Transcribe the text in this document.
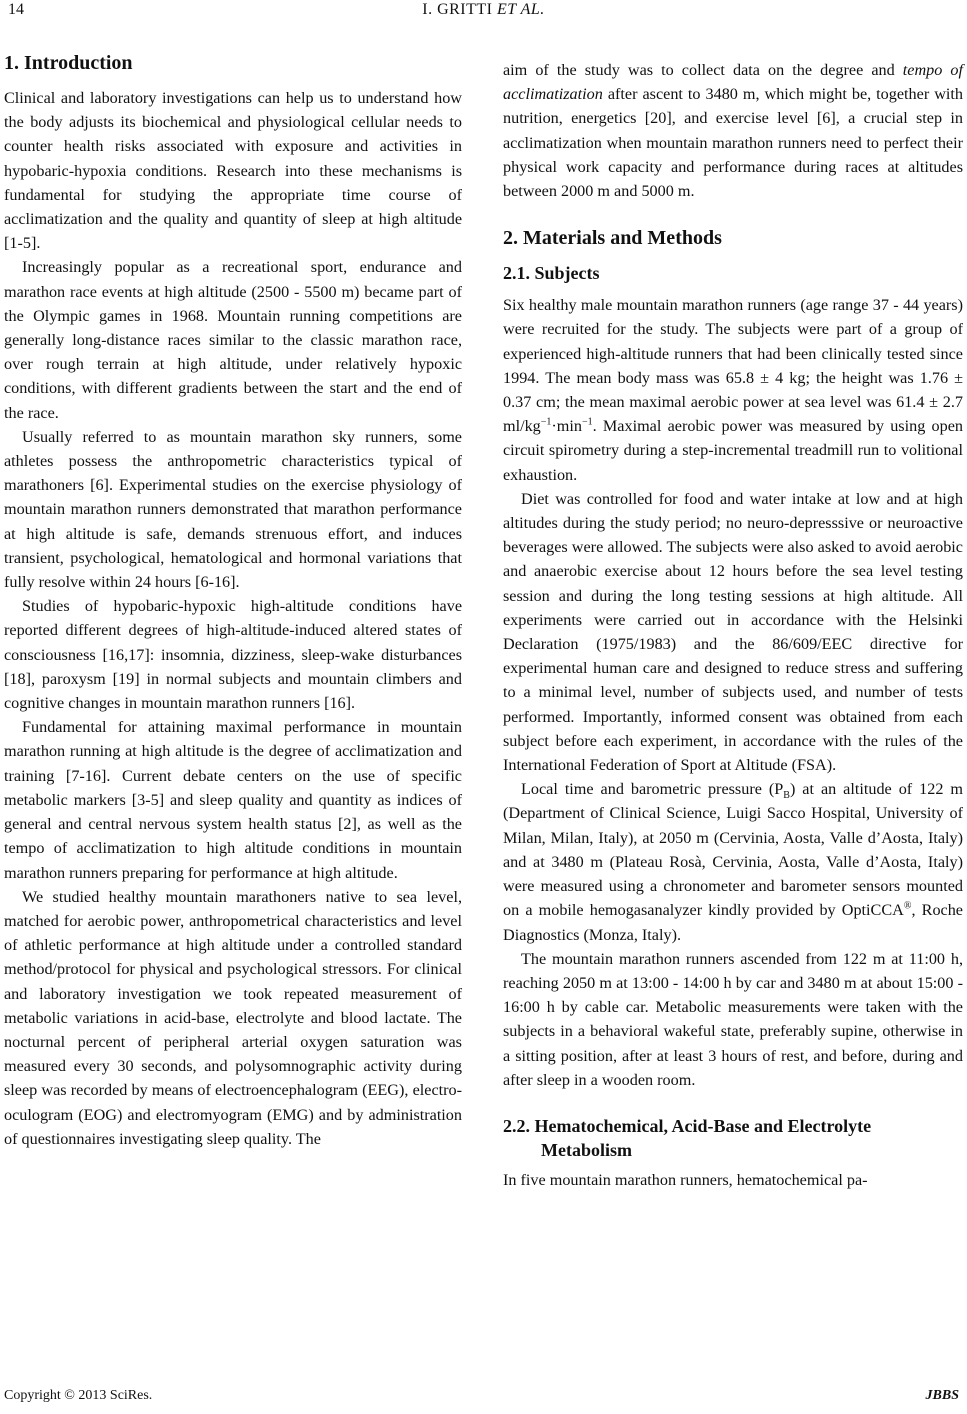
14	I. GRITTI ET AL.
1. Introduction

Clinical and laboratory investigations can help us to understand how the body adjusts its biochemical and physiological cellular needs to counter health risks associated with exposure and activities in hypobaric-hypoxia conditions. Research into these mechanisms is fundamental for studying the appropriate time course of acclimatization and the quality and quantity of sleep at high altitude [1-5].

Increasingly popular as a recreational sport, endurance and marathon race events at high altitude (2500 - 5500 m) became part of the Olympic games in 1968. Mountain running competitions are generally long-distance races similar to the classic marathon race, over rough terrain at high altitude, under relatively hypoxic conditions, with different gradients between the start and the end of the race.

Usually referred to as mountain marathon sky runners, some athletes possess the anthropometric characteristics typical of marathoners [6]. Experimental studies on the exercise physiology of mountain marathon runners demonstrated that marathon performance at high altitude is safe, demands strenuous effort, and induces transient, psychological, hematological and hormonal variations that fully resolve within 24 hours [6-16].

Studies of hypobaric-hypoxic high-altitude conditions have reported different degrees of high-altitude-induced altered states of consciousness [16,17]: insomnia, dizziness, sleep-wake disturbances [18], paroxysm [19] in normal subjects and mountain climbers and cognitive changes in mountain marathon runners [16].

Fundamental for attaining maximal performance in mountain marathon running at high altitude is the degree of acclimatization and training [7-16]. Current debate centers on the use of specific metabolic markers [3-5] and sleep quality and quantity as indices of general and central nervous system health status [2], as well as the tempo of acclimatization to high altitude conditions in mountain marathon runners preparing for performance at high altitude.

We studied healthy mountain marathoners native to sea level, matched for aerobic power, anthropometrical characteristics and level of athletic performance at high altitude under a controlled standard method/protocol for physical and psychological stressors. For clinical and laboratory investigation we took repeated measurement of metabolic variations in acid-base, electrolyte and blood lactate. The nocturnal percent of peripheral arterial oxygen saturation was measured every 30 seconds, and polysomnographic activity during sleep was recorded by means of electroencephalogram (EEG), electro-oculogram (EOG) and electromyogram (EMG) and by administration of questionnaires investigating sleep quality. The

aim of the study was to collect data on the degree and tempo of acclimatization after ascent to 3480 m, which might be, together with nutrition, energetics [20], and exercise level [6], a crucial step in acclimatization when mountain marathon runners need to perfect their physical work capacity and performance during races at altitudes between 2000 m and 5000 m.

2. Materials and Methods
2.1. Subjects

Six healthy male mountain marathon runners (age range 37 - 44 years) were recruited for the study. The subjects were part of a group of experienced high-altitude runners that had been clinically tested since 1994. The mean body mass was 65.8 ± 4 kg; the height was 1.76 ± 0.37 cm; the mean maximal aerobic power at sea level was 61.4 ± 2.7 $ml/kg^{-1}\cdot\min^{-1}$. Maximal aerobic power was measured by using open circuit spirometry during a step-incremental treadmill run to volitional exhaustion.

Diet was controlled for food and water intake at low and at high altitudes during the study period; no neuro-depresssive or neuroactive beverages were allowed. The subjects were also asked to avoid aerobic and anaerobic exercise about 12 hours before the sea level testing session and during the long testing sessions at high altitude. All experiments were carried out in accordance with the Helsinki Declaration (1975/1983) and the 86/609/EEC directive for experimental human care and designed to reduce stress and suffering to a minimal level, number of subjects used, and number of tests performed. Importantly, informed consent was obtained from each subject before each experiment, in accordance with the rules of the International Federation of Sport at Altitude (FSA).

Local time and barometric pressure $(P_B)$ at an altitude of 122 m (Department of Clinical Science, Luigi Sacco Hospital, University of Milan, Milan, Italy), at 2050 m (Cervinia, Aosta, Valle d’Aosta, Italy) and at 3480 m (Plateau Rosà, Cervinia, Aosta, Valle d’Aosta, Italy) were measured using a chronometer and barometer sensors mounted on a mobile hemogasanalyzer kindly provided by OptiCCA®, Roche Diagnostics (Monza, Italy).

The mountain marathon runners ascended from 122 m at 11:00 h, reaching 2050 m at 13:00 - 14:00 h by car and 3480 m at about 15:00 - 16:00 h by cable car. Metabolic measurements were taken with the subjects in a behavioral wakeful state, preferably supine, otherwise in a sitting position, after at least 3 hours of rest, and before, during and after sleep in a wooden room.

2.2. Hematochemical, Acid-Base and Electrolyte Metabolism

In five mountain marathon runners, hematochemical pa-

Copyright © 2013 SciRes.	JBBS
